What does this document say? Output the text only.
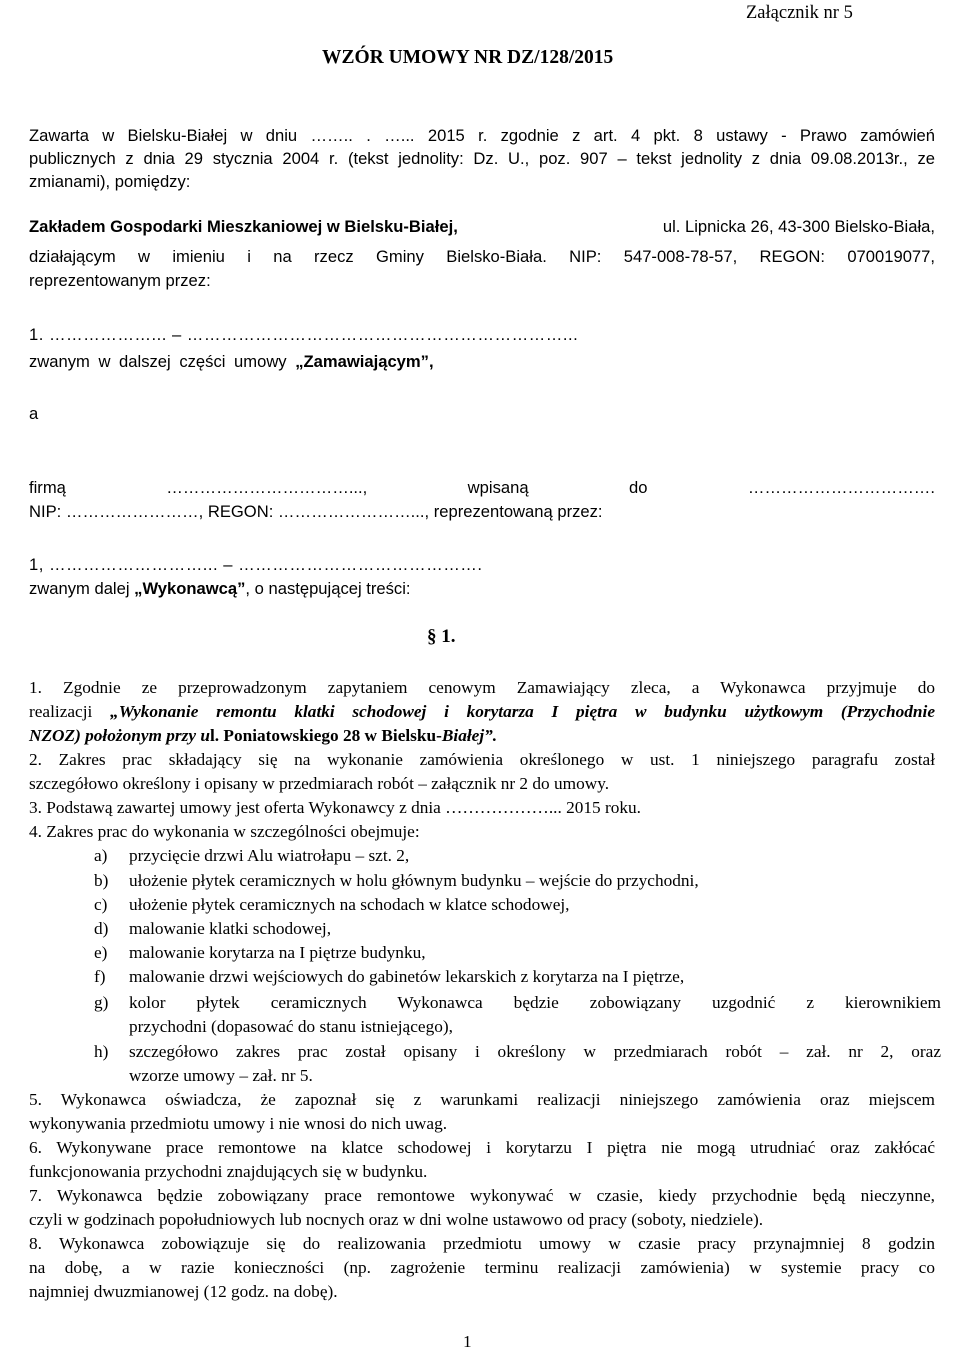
Załącznik nr 5
WZÓR UMOWY NR DZ/128/2015
Zawarta w Bielsku-Białej w dniu …….. . …... 2015 r. zgodnie z art. 4 pkt. 8 ustawy - Prawo zamówień
publicznych z dnia 29 stycznia 2004 r. (tekst jednolity: Dz. U., poz. 907 – tekst jednolity z dnia 09.08.2013r., ze
zmianami), pomiędzy:
Zakładem Gospodarki Mieszkaniowej w Bielsku-Białej,	ul. Lipnicka 26, 43-300 Bielsko-Biała,
działającym w imieniu i na rzecz Gminy Bielsko-Biała. NIP: 547-008-78-57, REGON: 070019077,
reprezentowanym przez:
1. ………………... – …………………………………………………………...
zwanym w dalszej części umowy „Zamawiającym”,
a
firmą ……………………………..., wpisaną do …………………………….
NIP: ……………………, REGON: ……………………..., reprezentowaną przez:
1, ………………………... – …………………………………….
zwanym dalej „Wykonawcą”, o następującej treści:
§ 1.
1. Zgodnie ze przeprowadzonym zapytaniem cenowym Zamawiający zleca, a Wykonawca przyjmuje do
realizacji „Wykonanie remontu klatki schodowej i korytarza I piętra w budynku użytkowym (Przychodnie
NZOZ) położonym przy ul. Poniatowskiego 28 w Bielsku-Białej”.
2. Zakres prac składający się na wykonanie zamówienia określonego w ust. 1 niniejszego paragrafu został
szczegółowo określony i opisany w przedmiarach robót – załącznik nr 2 do umowy.
3. Podstawą zawartej umowy jest oferta Wykonawcy z dnia ………………... 2015 roku.
4. Zakres prac do wykonania w szczególności obejmuje:
a) przycięcie drzwi Alu wiatrołapu – szt. 2,
b) ułożenie płytek ceramicznych w holu głównym budynku – wejście do przychodni,
c) ułożenie płytek ceramicznych na schodach w klatce schodowej,
d) malowanie klatki schodowej,
e) malowanie korytarza na I piętrze budynku,
f) malowanie drzwi wejściowych do gabinetów lekarskich z korytarza na I piętrze,
g) kolor płytek ceramicznych Wykonawca będzie zobowiązany uzgodnić z kierownikiem
przychodni (dopasować do stanu istniejącego),
h) szczegółowo zakres prac został opisany i określony w przedmiarach robót – zał. nr 2, oraz
wzorze umowy – zał. nr 5.
5. Wykonawca oświadcza, że zapoznał się z warunkami realizacji niniejszego zamówienia oraz miejscem
wykonywania przedmiotu umowy i nie wnosi do nich uwag.
6. Wykonywane prace remontowe na klatce schodowej i korytarzu I piętra nie mogą utrudniać oraz zakłócać
funkcjonowania przychodni znajdujących się w budynku.
7. Wykonawca będzie zobowiązany prace remontowe wykonywać w czasie, kiedy przychodnie będą nieczynne,
czyli w godzinach popołudniowych lub nocnych oraz w dni wolne ustawowo od pracy (soboty, niedziele).
8. Wykonawca zobowiązuje się do realizowania przedmiotu umowy w czasie pracy przynajmniej 8 godzin
na dobę, a w razie konieczności (np. zagrożenie terminu realizacji zamówienia) w systemie pracy co
najmniej dwuzmianowej (12 godz. na dobę).
1
